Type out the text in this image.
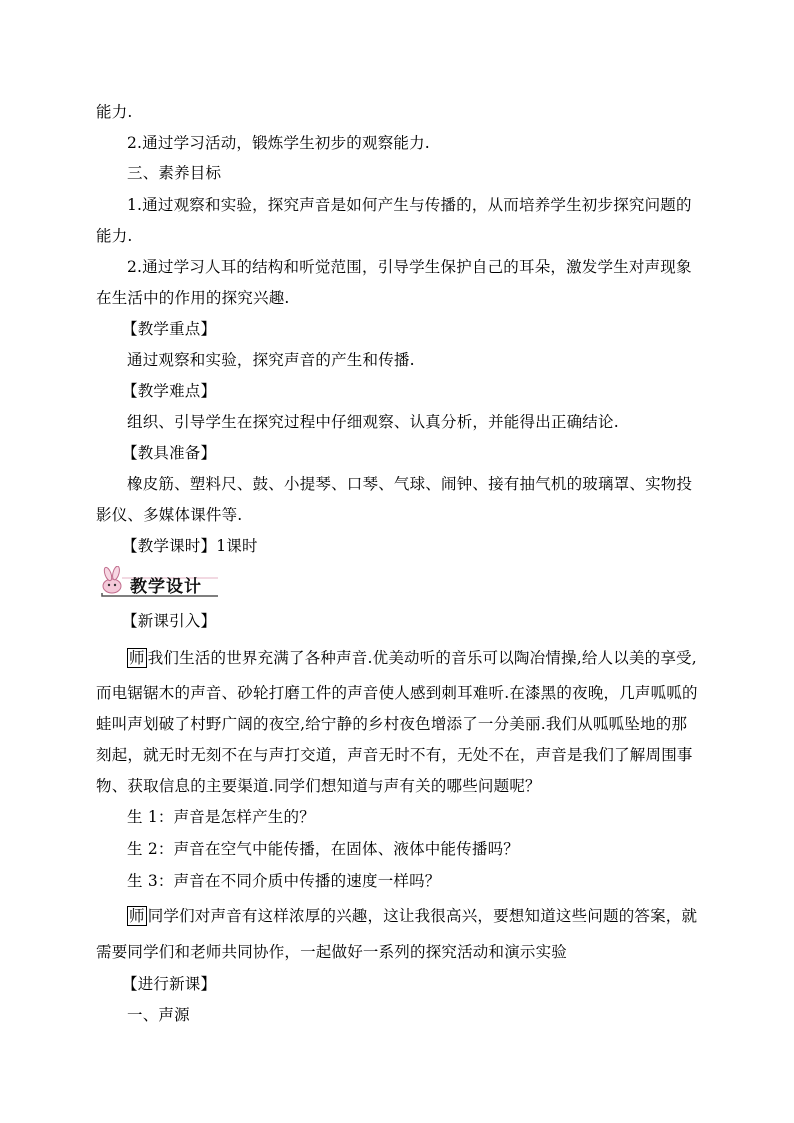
能力.
2.通过学习活动，锻炼学生初步的观察能力.
三、素养目标
1.通过观察和实验，探究声音是如何产生与传播的，从而培养学生初步探究问题的
能力.
2.通过学习人耳的结构和听觉范围，引导学生保护自己的耳朵，激发学生对声现象
在生活中的作用的探究兴趣.
【教学重点】
通过观察和实验，探究声音的产生和传播.
【教学难点】
组织、引导学生在探究过程中仔细观察、认真分析，并能得出正确结论.
【教具准备】
橡皮筋、塑料尺、鼓、小提琴、口琴、气球、闹钟、接有抽气机的玻璃罩、实物投
影仪、多媒体课件等.
【教学课时】1课时
教学设计
【新课引入】
师 我们生活的世界充满了各种声音.优美动听的音乐可以陶冶情操,给人以美的享受,
而电锯锯木的声音、砂轮打磨工件的声音使人感到刺耳难听.在漆黑的夜晚，几声呱呱的
蛙叫声划破了村野广阔的夜空,给宁静的乡村夜色增添了一分美丽.我们从呱呱坠地的那
刻起，就无时无刻不在与声打交道，声音无时不有，无处不在，声音是我们了解周围事
物、获取信息的主要渠道.同学们想知道与声有关的哪些问题呢？
生 1：声音是怎样产生的？
生 2：声音在空气中能传播，在固体、液体中能传播吗？
生 3：声音在不同介质中传播的速度一样吗？
师 同学们对声音有这样浓厚的兴趣，这让我很高兴，要想知道这些问题的答案，就
需要同学们和老师共同协作，一起做好一系列的探究活动和演示实验
【进行新课】
一、声源
